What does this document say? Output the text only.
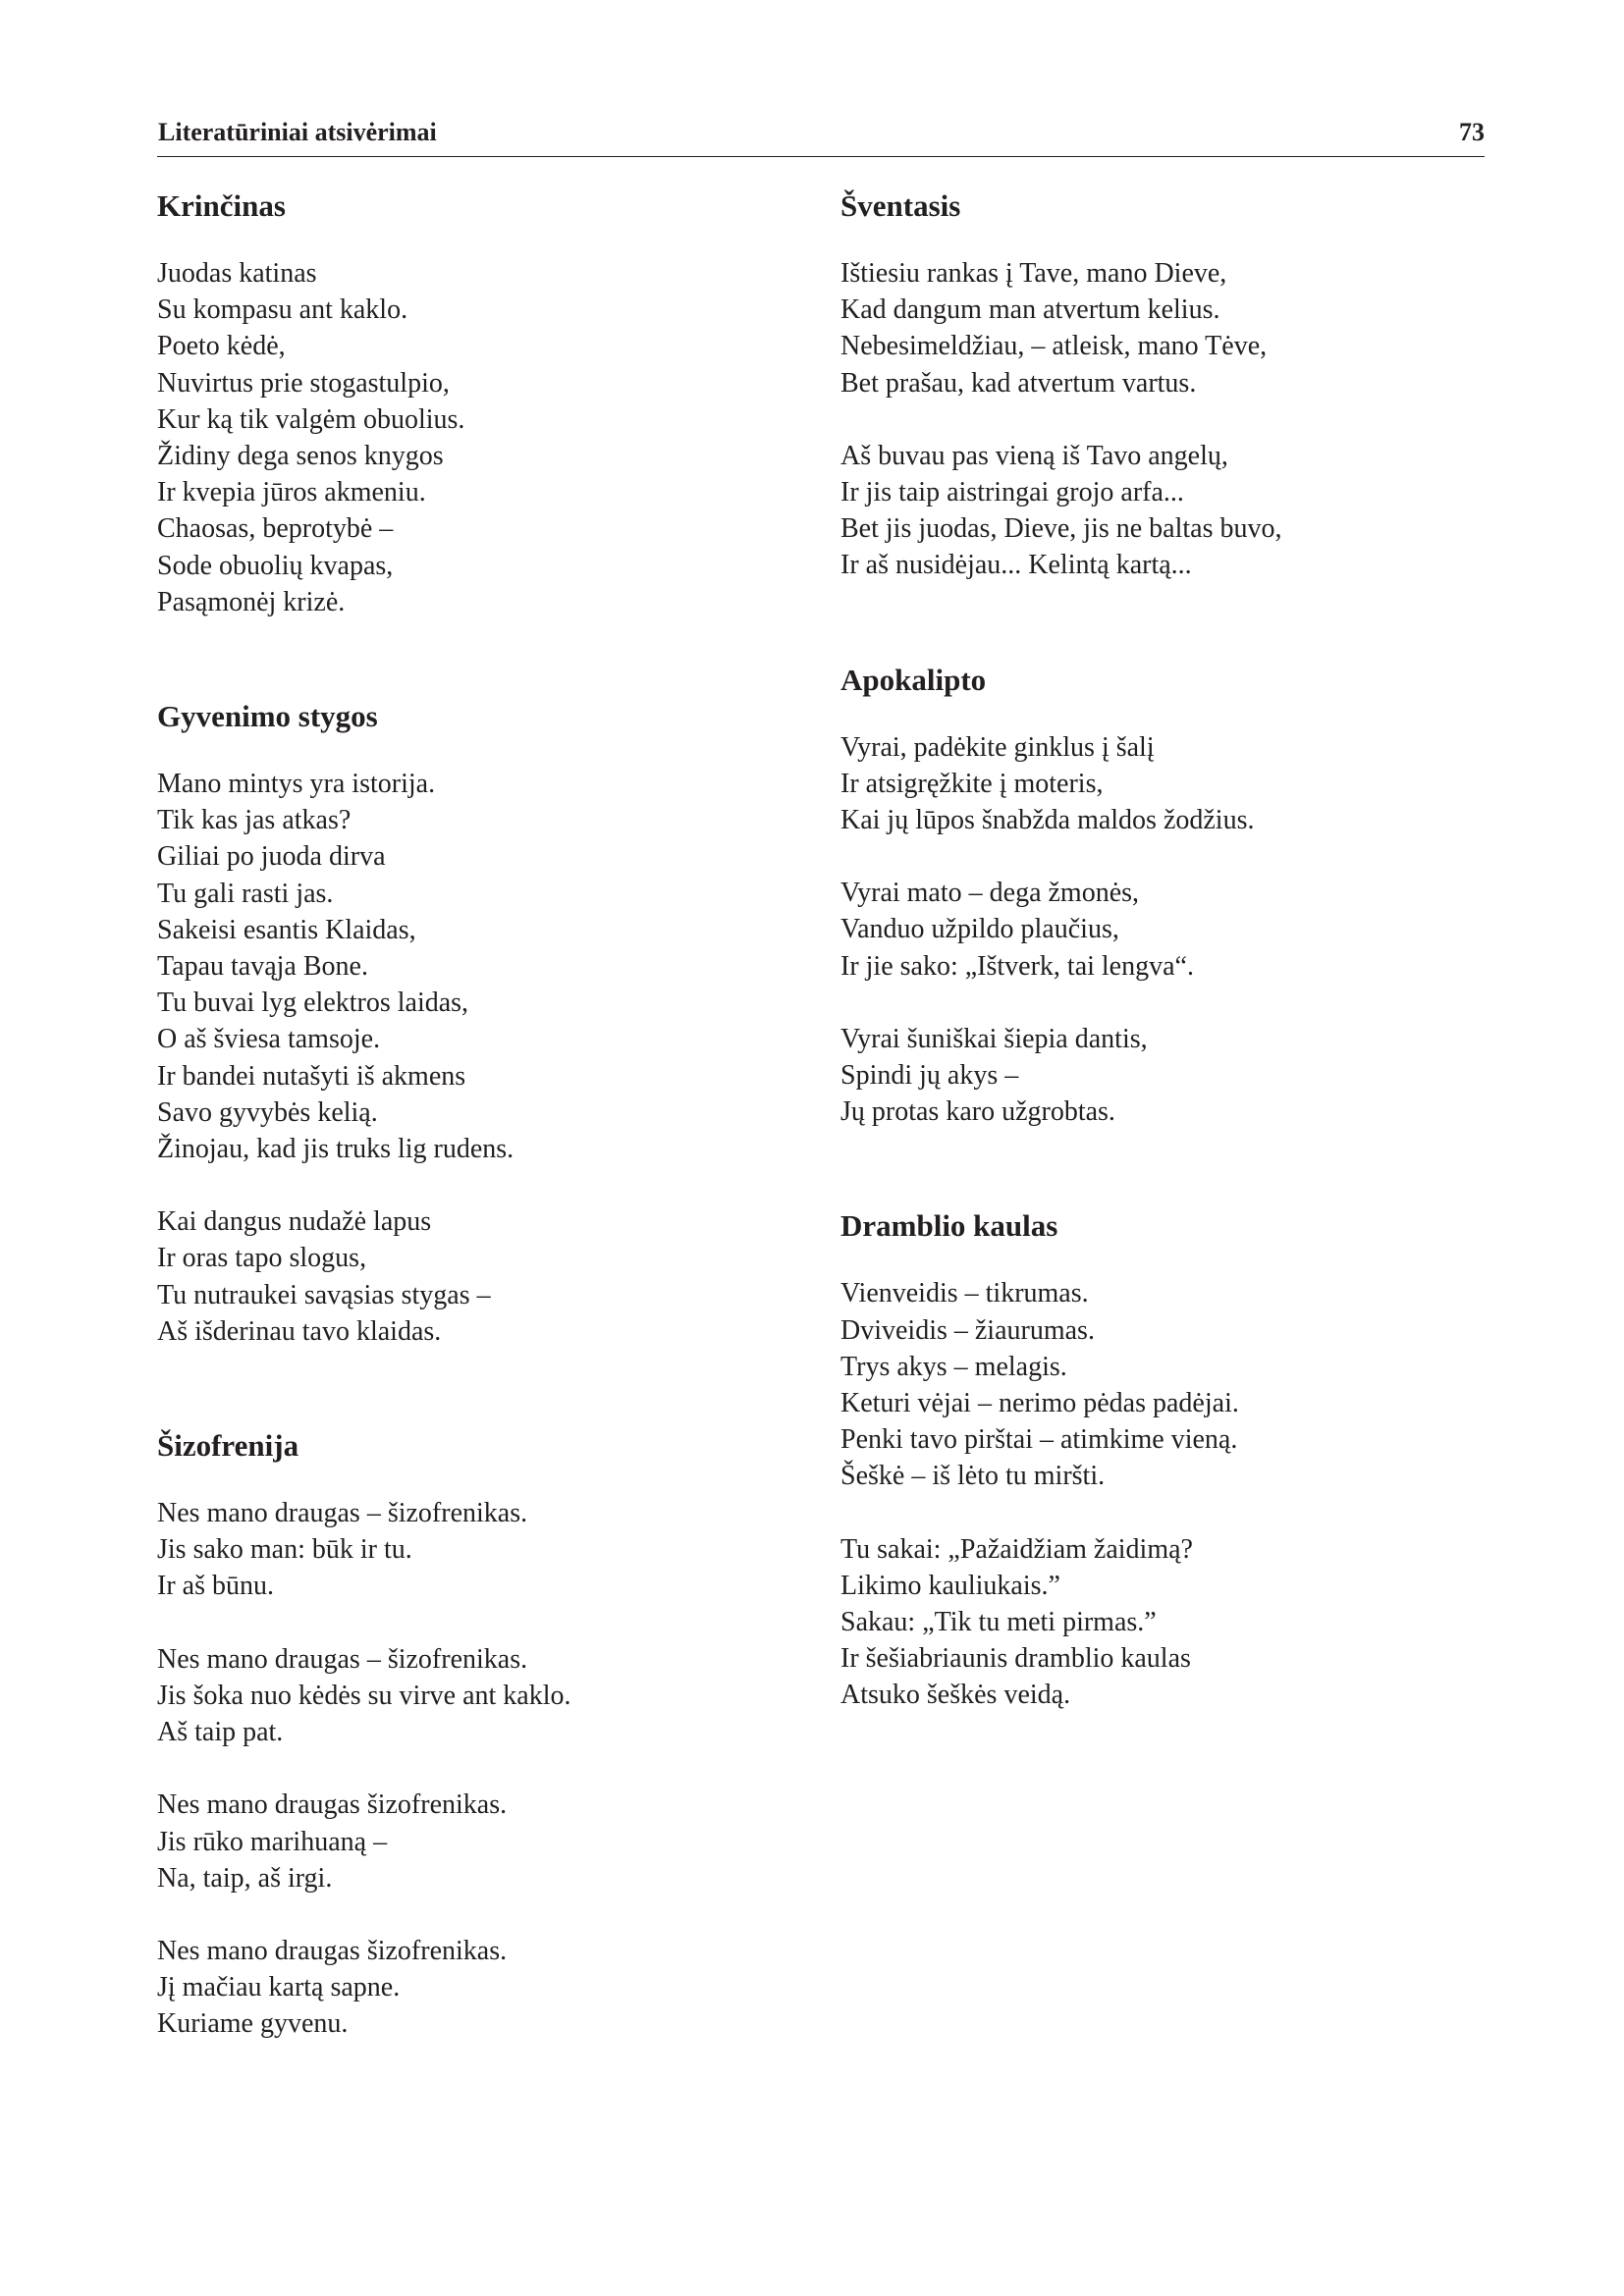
Literatūriniai atsivėrimai	73
Krinčinas
Juodas katinas
Su kompasu ant kaklo.
Poeto kėdė,
Nuvirtus prie stogastulpio,
Kur ką tik valgėm obuolius.
Židiny dega senos knygos
Ir kvepia jūros akmeniu.
Chaosas, beprotybė –
Sode obuolių kvapas,
Pasąmonėj krizė.
Gyvenimo stygos
Mano mintys yra istorija.
Tik kas jas atkas?
Giliai po juoda dirva
Tu gali rasti jas.
Sakeisi esantis Klaidas,
Tapau tavąja Bone.
Tu buvai lyg elektros laidas,
O aš šviesa tamsoje.
Ir bandei nutašyti iš akmens
Savo gyvybės kelią.
Žinojau, kad jis truks lig rudens.
Kai dangus nudažė lapus
Ir oras tapo slogus,
Tu nutraukei savąsias stygas –
Aš išderinau tavo klaidas.
Šizofrenija
Nes mano draugas – šizofrenikas.
Jis sako man: būk ir tu.
Ir aš būnu.
Nes mano draugas – šizofrenikas.
Jis šoka nuo kėdės su virve ant kaklo.
Aš taip pat.
Nes mano draugas šizofrenikas.
Jis rūko marihuaną –
Na, taip, aš irgi.
Nes mano draugas šizofrenikas.
Jį mačiau kartą sapne.
Kuriame gyvenu.
Šventasis
Ištiesiu rankas į Tave, mano Dieve,
Kad dangum man atvertum kelius.
Nebesimeldžiau, – atleisk, mano Tėve,
Bet prašau, kad atvertum vartus.
Aš buvau pas vieną iš Tavo angelų,
Ir jis taip aistringai grojo arfa...
Bet jis juodas, Dieve, jis ne baltas buvo,
Ir aš nusidėjau... Kelintą kartą...
Apokalipto
Vyrai, padėkite ginklus į šalį
Ir atsigręžkite į moteris,
Kai jų lūpos šnabžda maldos žodžius.
Vyrai mato – dega žmonės,
Vanduo užpildo plaučius,
Ir jie sako: „Ištverk, tai lengva“.
Vyrai šuniškai šiepia dantis,
Spindi jų akys –
Jų protas karo užgrobtas.
Dramblio kaulas
Vienveidis – tikrumas.
Dviveidis – žiaurumas.
Trys akys – melagis.
Keturi vėjai – nerimo pėdas padėjai.
Penki tavo pirštai – atimkime vieną.
Šeškė – iš lėto tu miršti.
Tu sakai: „Pažaidžiam žaidimą?
Likimo kauliukais.”
Sakau: „Tik tu meti pirmas.”
Ir šešiabriaunis dramblio kaulas
Atsuko šeškės veidą.
